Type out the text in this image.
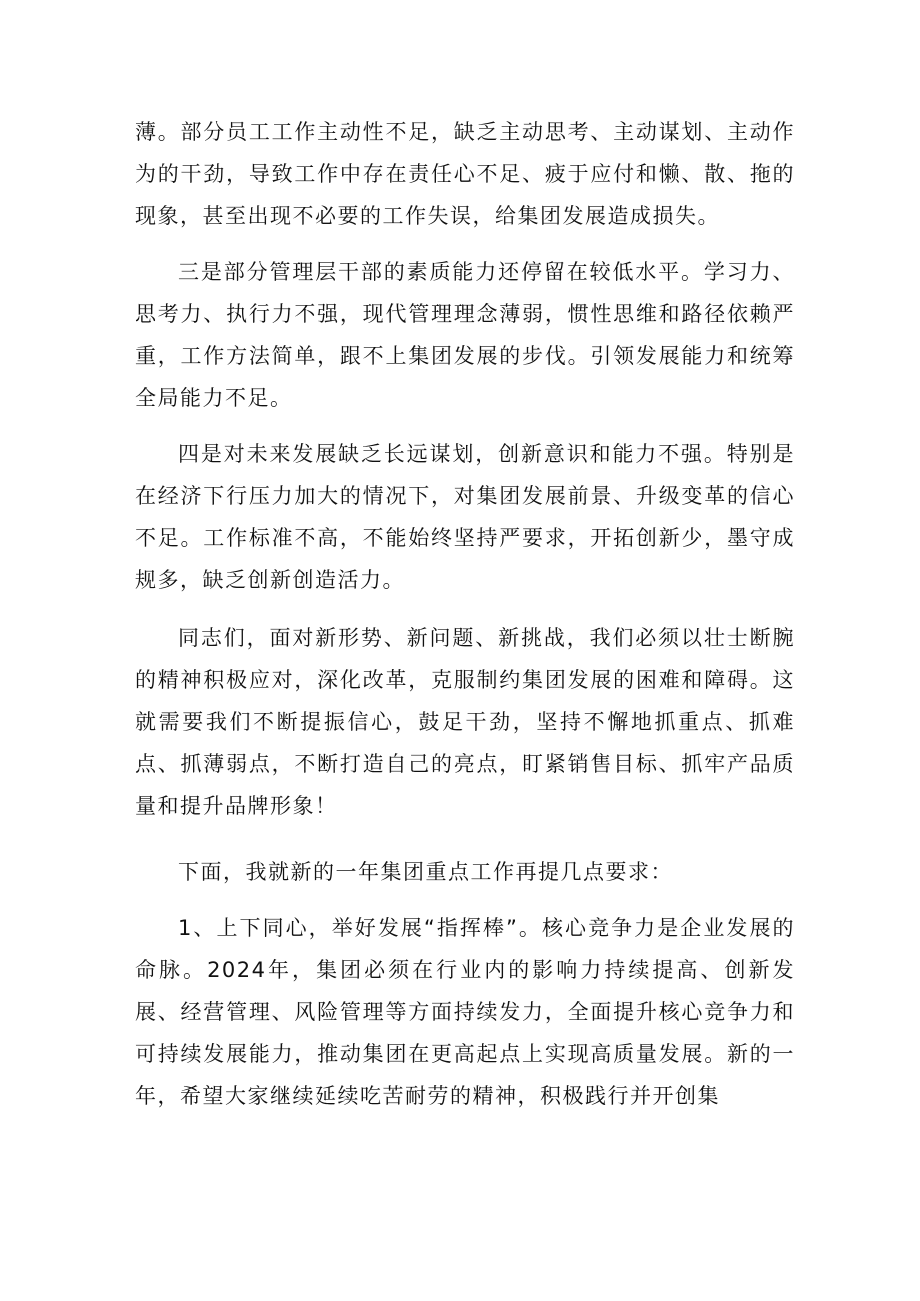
薄。部分员工工作主动性不足，缺乏主动思考、主动谋划、主动作为的干劲，导致工作中存在责任心不足、疲于应付和懒、散、拖的现象，甚至出现不必要的工作失误，给集团发展造成损失。

三是部分管理层干部的素质能力还停留在较低水平。学习力、思考力、执行力不强，现代管理理念薄弱，惯性思维和路径依赖严重，工作方法简单，跟不上集团发展的步伐。引领发展能力和统筹全局能力不足。

四是对未来发展缺乏长远谋划，创新意识和能力不强。特别是在经济下行压力加大的情况下，对集团发展前景、升级变革的信心不足。工作标准不高，不能始终坚持严要求，开拓创新少，墨守成规多，缺乏创新创造活力。

同志们，面对新形势、新问题、新挑战，我们必须以壮士断腕的精神积极应对，深化改革，克服制约集团发展的困难和障碍。这就需要我们不断提振信心，鼓足干劲，坚持不懈地抓重点、抓难点、抓薄弱点，不断打造自己的亮点，盯紧销售目标、抓牢产品质量和提升品牌形象！

下面，我就新的一年集团重点工作再提几点要求：

1、上下同心，举好发展“指挥棒”。核心竞争力是企业发展的命脉。2024年，集团必须在行业内的影响力持续提高、创新发展、经营管理、风险管理等方面持续发力，全面提升核心竞争力和可持续发展能力，推动集团在更高起点上实现高质量发展。新的一年，希望大家继续延续吃苦耐劳的精神，积极践行并开创集
